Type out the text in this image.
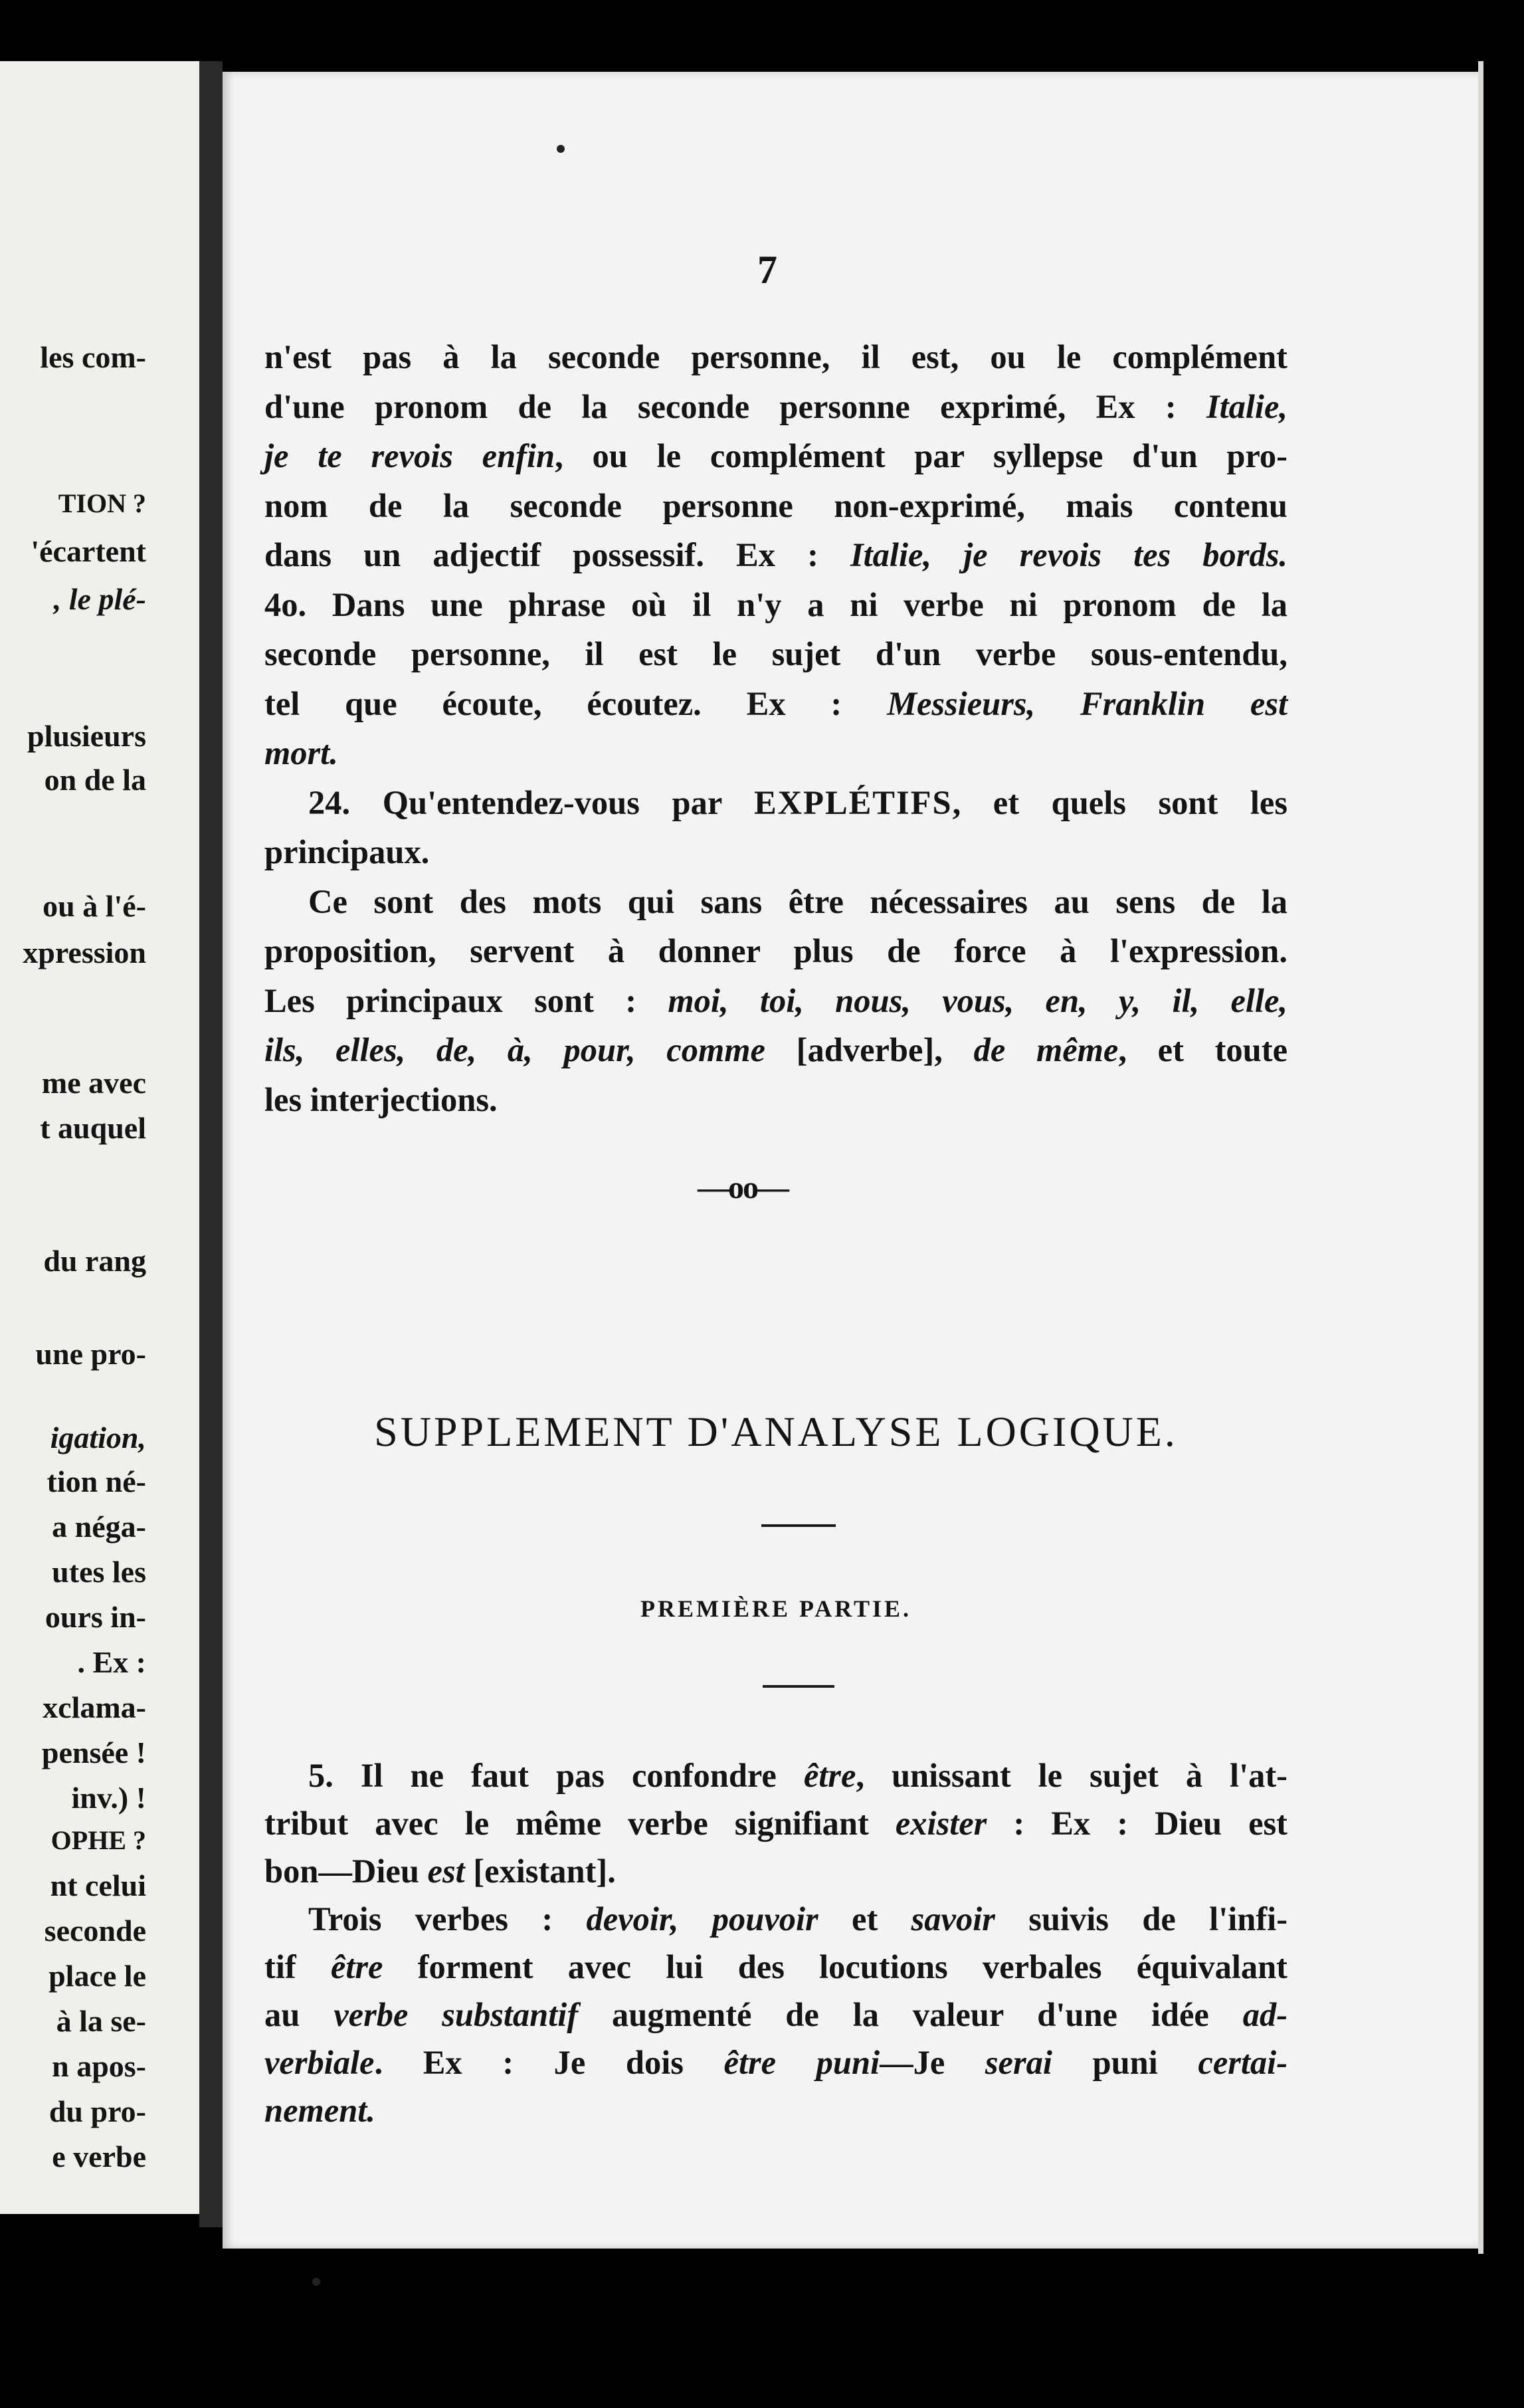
les com-
TION ?
'écartent
, le plé-
plusieurs
on de la
ou à l'é-
xpression
me avec
t auquel
du rang
une pro-
igation,
tion né-
a néga-
utes les
ours in-
. Ex :
xclama-
pensée !
inv.) !
OPHE ?
nt celui
seconde
place le
à la se-
n apos-
du pro-
e verbe
7
n'est pas à la seconde personne, il est, ou le complément
d'une pronom de la seconde personne exprimé, Ex : Italie,
je te revois enfin, ou le complément par syllepse d'un pro-
nom de la seconde personne non-exprimé, mais contenu
dans un adjectif possessif. Ex : Italie, je revois tes bords.
4o. Dans une phrase où il n'y a ni verbe ni pronom de la
seconde personne, il est le sujet d'un verbe sous-entendu,
tel que écoute, écoutez. Ex : Messieurs, Franklin est
mort.
24. Qu'entendez-vous par EXPLÉTIFS, et quels sont les
principaux.
Ce sont des mots qui sans être nécessaires au sens de la
proposition, servent à donner plus de force à l'expression.
Les principaux sont : moi, toi, nous, vous, en, y, il, elle,
ils, elles, de, à, pour, comme [adverbe], de même, et toute
les interjections.
—oo—
SUPPLEMENT D'ANALYSE LOGIQUE.
PREMIÈRE PARTIE.
5. Il ne faut pas confondre être, unissant le sujet à l'at-
tribut avec le même verbe signifiant exister : Ex : Dieu est
bon—Dieu est [existant].
Trois verbes : devoir, pouvoir et savoir suivis de l'infi-
tif être forment avec lui des locutions verbales équivalant
au verbe substantif augmenté de la valeur d'une idée ad-
verbiale. Ex : Je dois être puni—Je serai puni certai-
nement.
